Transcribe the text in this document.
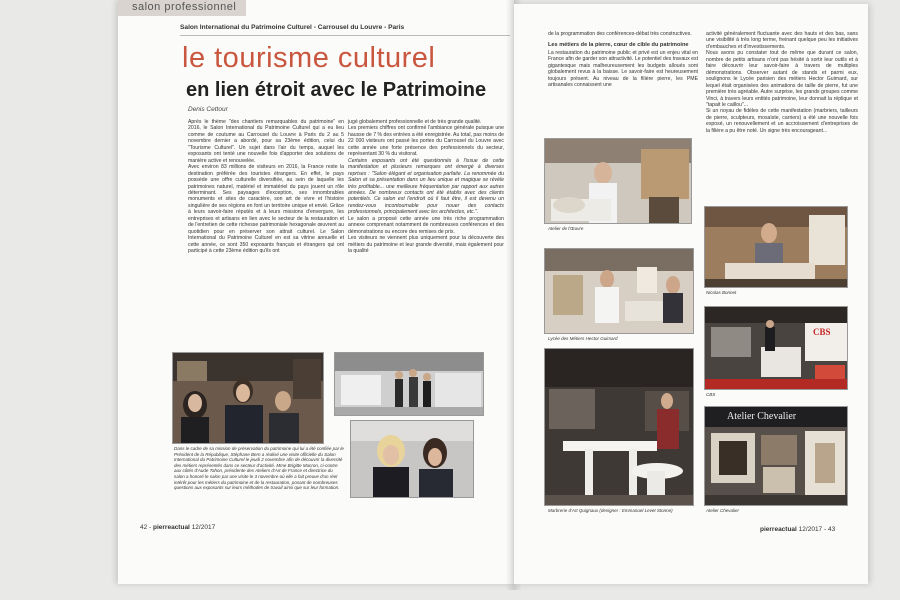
salon professionnel
Salon International du Patrimoine Culturel - Carrousel du Louvre - Paris
le tourisme culturel
en lien étroit avec le Patrimoine
Denis Cettour

Après le thème "des chantiers remarquables du patrimoine" en 2016, le Salon International du Patrimoine Culturel qui a eu lieu comme de coutume au Carrousel du Louvre à Paris du 2 au 5 novembre dernier a abordé, pour sa 23ème édition, celui du "Tourisme Culturel". Un sujet dans l'air du temps, auquel les exposants ont tenté une nouvelle fois d'apporter des solutions de manière active et renouvelée.

Avec environ 83 millions de visiteurs en 2016, la France reste la destination préférée des touristes étrangers. En effet, le pays possède une offre culturelle diversifiée, au sein de laquelle les patrimoines naturel, matériel et immatériel du pays jouent un rôle déterminant. Ses paysages d'exception, ses innombrables monuments et sites de caractère, son art de vivre et l'histoire singulière de ses régions en font un territoire unique et envié. Grâce à leurs savoir-faire réputés et à leurs missions d'envergure, les entreprises et artisans en lien avec le secteur de la restauration et de l'entretien de cette richesse patrimoniale hexagonale œuvrent au quotidien pour en préserver son attrait culturel. Le Salon International du Patrimoine Culturel en est sa vitrine annuelle et cette année, ce sont 350 exposants français et étrangers qui ont participé à cette 23ème édition qu'ils ont

jugé globalement professionnelle et de très grande qualité.

Les premiers chiffres ont confirmé l'ambiance générale puisque une hausse de 7 % des entrées a été enregistrée. Au total, pas moins de 22 000 visiteurs ont passé les portes du Carrousel du Louvre avec cette année une forte présence des professionnels du secteur, représentant 30 % du visitorat.

Certains exposants ont été questionnés à l'issue de cette manifestation et plusieurs remarques ont émergé à diverses reprises : "Salon élégant et organisation parfaite. La renommée du Salon et sa présentation dans un lieu unique et magique se révèle très profitable... une meilleure fréquentation par rapport aux autres années. De nombreux contacts ont été établis avec des clients potentiels. Ce salon est l'endroit où il faut être, il est devenu un rendez-vous incontournable pour nouer des contacts professionnels, principalement avec les architectes, etc.".

Le salon a proposé cette année une très riche programmation annexe comprenant notamment de nombreuses conférences et des démonstrations ou encore des remises de prix.

Les visiteurs ne viennent plus uniquement pour la découverte des métiers du patrimoine et leur grande diversité, mais également pour la qualité

Dans le cadre de sa mission de préservation du patrimoine qui lui a été confiée par le Président de la République, Stéphane Bern a réalisé une visite officielle du Salon International du Patrimoine Culturel le jeudi 2 novembre afin de découvrir la diversité des métiers représentés dans ce secteur d'activité. Mme Brigitte Macron, ci-contre aux côtés d'Aude Tahon, présidente des Ateliers d'Art de France et directrice du salon a honoré le salon par une visite le 3 novembre où elle a fait preuve d'un réel intérêt pour les métiers du patrimoine et de la restauration, posant de nombreuses questions aux exposants sur leurs méthodes de travail ainsi que sur leur formation.
42 - pierreactual 12/2017

de la programmation des conférences-débat très constructives.

Les métiers de la pierre, cœur de cible du patrimoine

La restauration du patrimoine public et privé est un enjeu vital en France afin de garder son attractivité. Le potentiel des travaux est gigantesque mais malheureusement les budgets alloués sont globalement revus à la baisse. Le savoir-faire est heureusement toujours présent. Au niveau de la filière pierre, les PME artisanales connaissent une

activité généralement fluctuante avec des hauts et des bas, sans une visibilité à très long terme, freinant quelque peu les initiatives d'embauches et d'investissements.

Nous avons pu constater tout de même que durant ce salon, nombre de petits artisans n'ont pas hésité à sortir leur outils et à faire découvrir leur savoir-faire à travers de multiples démonstrations. Observer autant de stands et parmi eux, soulignons le Lycée parisien des métiers Hector Guimard, sur lequel était organisées des animations de taille de pierre, fut une première très agréable. Autre surprise, les grands groupes comme Vinci, à travers leurs entités patrimoine, leur donnait la réplique et "tapait le caillou"...

Si un noyau de fidèles de cette manifestation (marbriers, tailleurs de pierre, sculpteurs, mosaïste, carriers) a été une nouvelle fois exposé, un renouvellement et un accroissement d'entreprises de la filière a pu être noté. Un signe très encourageant...

Atelier de l'Œuvre
Nicolas Bonnet
Lycée des Métiers Hector Guimard
CBS
CBS
Marbrerie d'Art Quignaux (designer : Emmanuel Levet Stonne)
Atelier Chevalier
Atelier Chevalier
pierreactual 12/2017 - 43
